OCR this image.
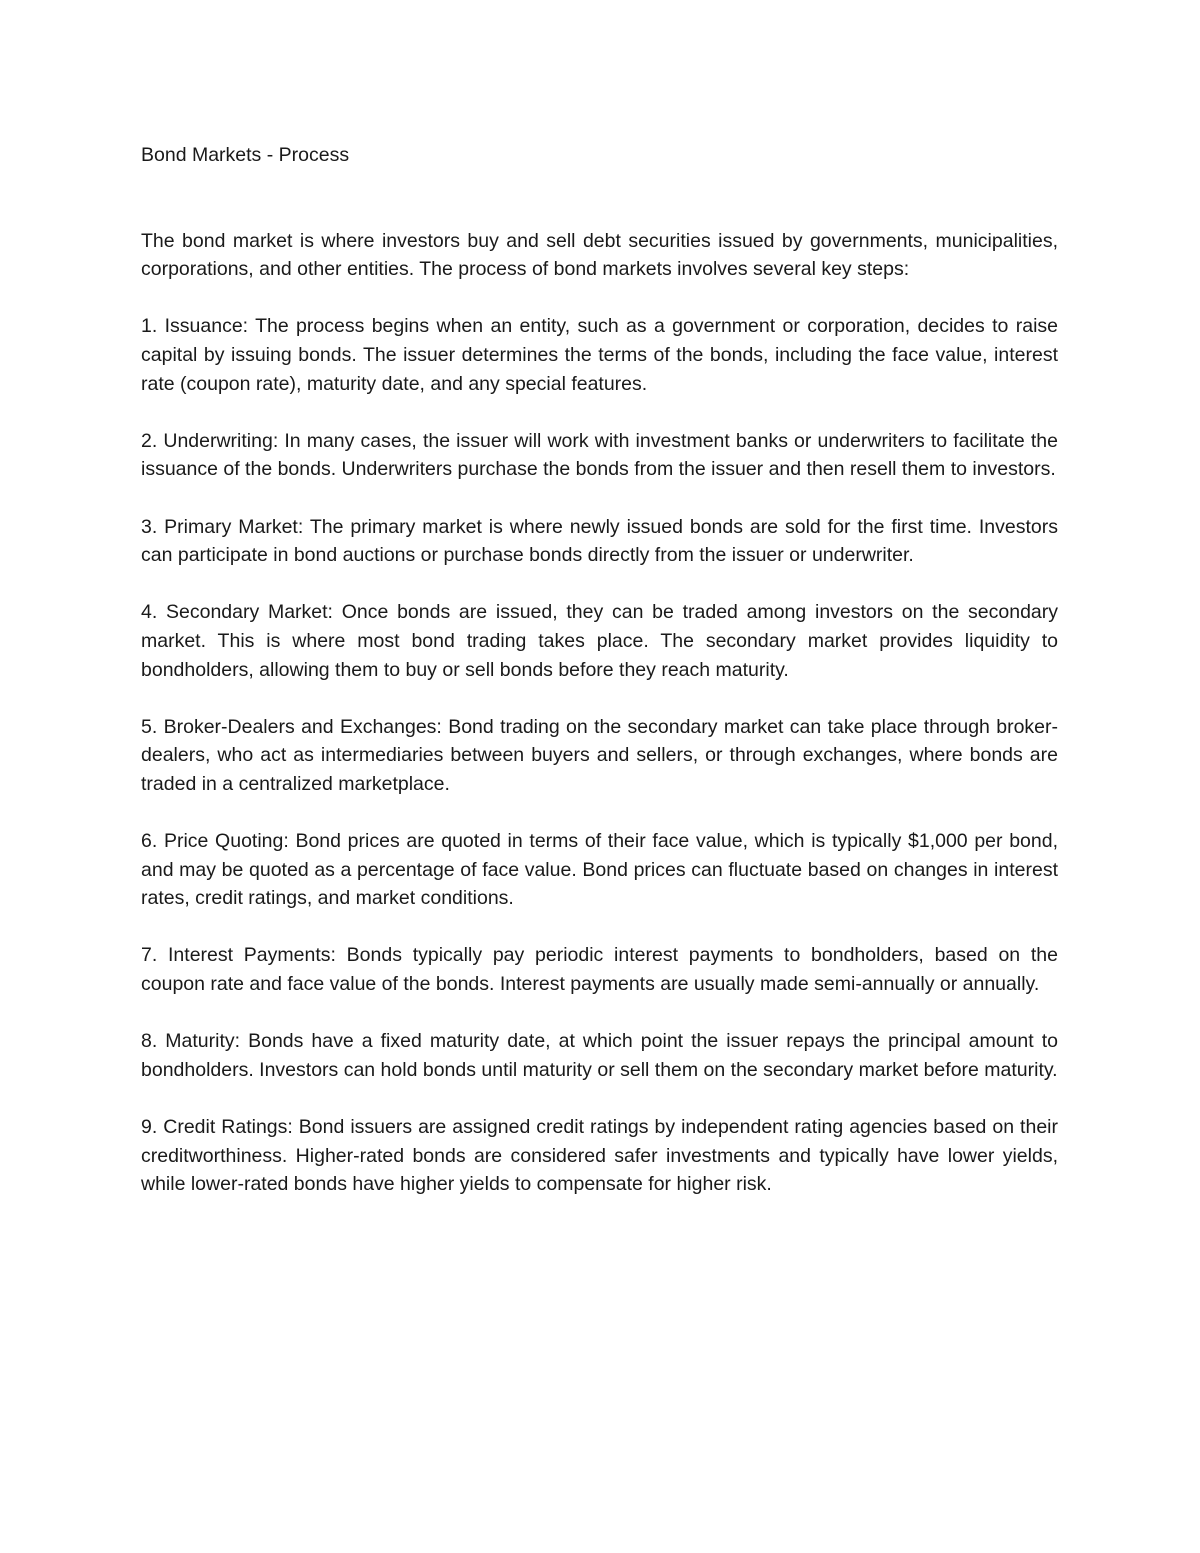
Bond Markets - Process

The bond market is where investors buy and sell debt securities issued by governments, municipalities, corporations, and other entities. The process of bond markets involves several key steps:

1. Issuance: The process begins when an entity, such as a government or corporation, decides to raise capital by issuing bonds. The issuer determines the terms of the bonds, including the face value, interest rate (coupon rate), maturity date, and any special features.

2. Underwriting: In many cases, the issuer will work with investment banks or underwriters to facilitate the issuance of the bonds. Underwriters purchase the bonds from the issuer and then resell them to investors.

3. Primary Market: The primary market is where newly issued bonds are sold for the first time. Investors can participate in bond auctions or purchase bonds directly from the issuer or underwriter.

4. Secondary Market: Once bonds are issued, they can be traded among investors on the secondary market. This is where most bond trading takes place. The secondary market provides liquidity to bondholders, allowing them to buy or sell bonds before they reach maturity.

5. Broker-Dealers and Exchanges: Bond trading on the secondary market can take place through broker-dealers, who act as intermediaries between buyers and sellers, or through exchanges, where bonds are traded in a centralized marketplace.

6. Price Quoting: Bond prices are quoted in terms of their face value, which is typically $1,000 per bond, and may be quoted as a percentage of face value. Bond prices can fluctuate based on changes in interest rates, credit ratings, and market conditions.

7. Interest Payments: Bonds typically pay periodic interest payments to bondholders, based on the coupon rate and face value of the bonds. Interest payments are usually made semi-annually or annually.

8. Maturity: Bonds have a fixed maturity date, at which point the issuer repays the principal amount to bondholders. Investors can hold bonds until maturity or sell them on the secondary market before maturity.

9. Credit Ratings: Bond issuers are assigned credit ratings by independent rating agencies based on their creditworthiness. Higher-rated bonds are considered safer investments and typically have lower yields, while lower-rated bonds have higher yields to compensate for higher risk.
